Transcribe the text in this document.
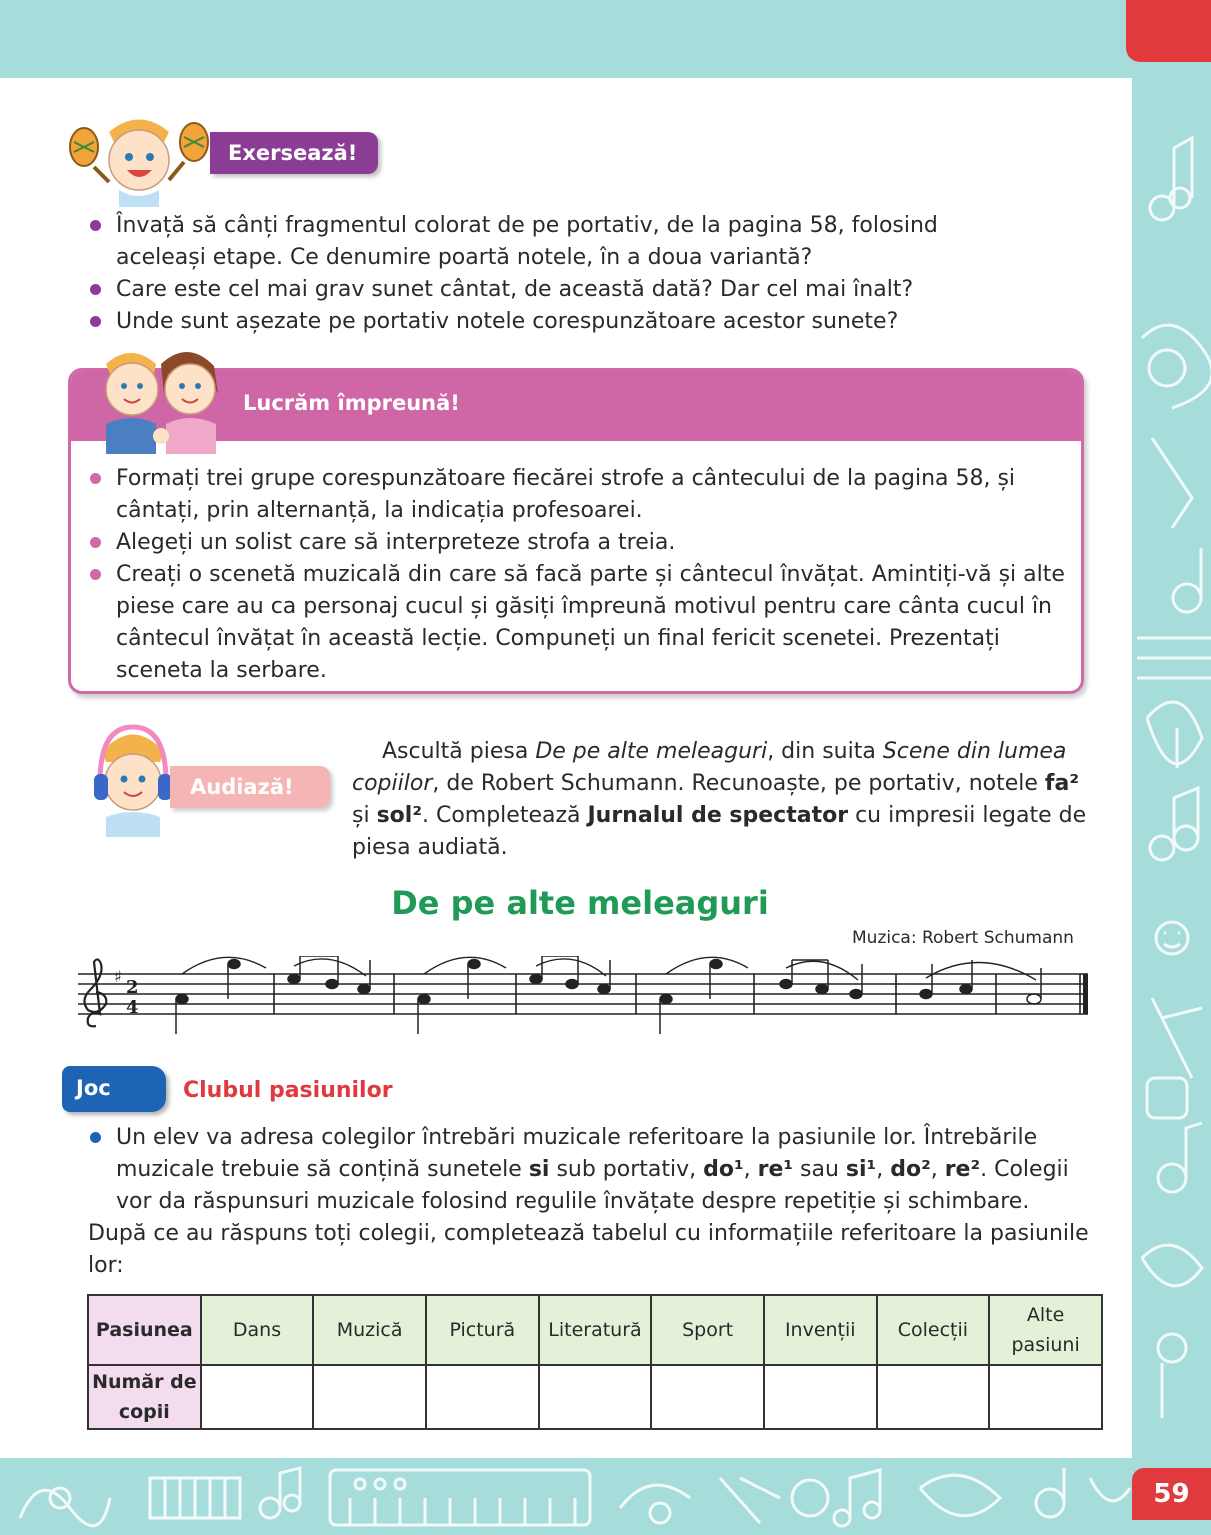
59
Exersează!
Învață să cânți fragmentul colorat de pe portativ, de la pagina 58, folosind aceleași etape. Ce denumire poartă notele, în a doua variantă?
Care este cel mai grav sunet cântat, de această dată? Dar cel mai înalt?
Unde sunt așezate pe portativ notele corespunzătoare acestor sunete?
Lucrăm împreună!
Formați trei grupe corespunzătoare fiecărei strofe a cântecului de la pagina 58, și cântați, prin alternanță, la indicația profesoarei.
Alegeți un solist care să interpreteze strofa a treia.
Creați o scenetă muzicală din care să facă parte și cântecul învățat. Amintiți-vă și alte piese care au ca personaj cucul și găsiți împreună motivul pentru care cânta cucul în cântecul învățat în această lecție. Compuneți un final fericit scenetei. Prezentați sceneta la serbare.
Audiază!

Ascultă piesa De pe alte meleaguri, din suita Scene din lumea copiilor, de Robert Schumann. Recunoaște, pe portativ, notele fa² și sol². Completează Jurnalul de spectator cu impresii legate de piesa audiată.

De pe alte meleaguri
Muzica: Robert Schumann
♯
2
4
Joc	Clubul pasiunilor
Un elev va adresa colegilor întrebări muzicale referitoare la pasiunile lor. Întrebările muzicale trebuie să conțină sunetele si sub portativ, do¹, re¹ sau si¹, do², re². Colegii vor da răspunsuri muzicale folosind regulile învățate despre repetiție și schimbare.

După ce au răspuns toți colegii, completează tabelul cu informațiile referitoare la pasiunile lor:

Pasiunea	Dans	Muzică	Pictură	Literatură	Sport	Invenții	Colecții	Alte pasiuni
Număr de copii								
